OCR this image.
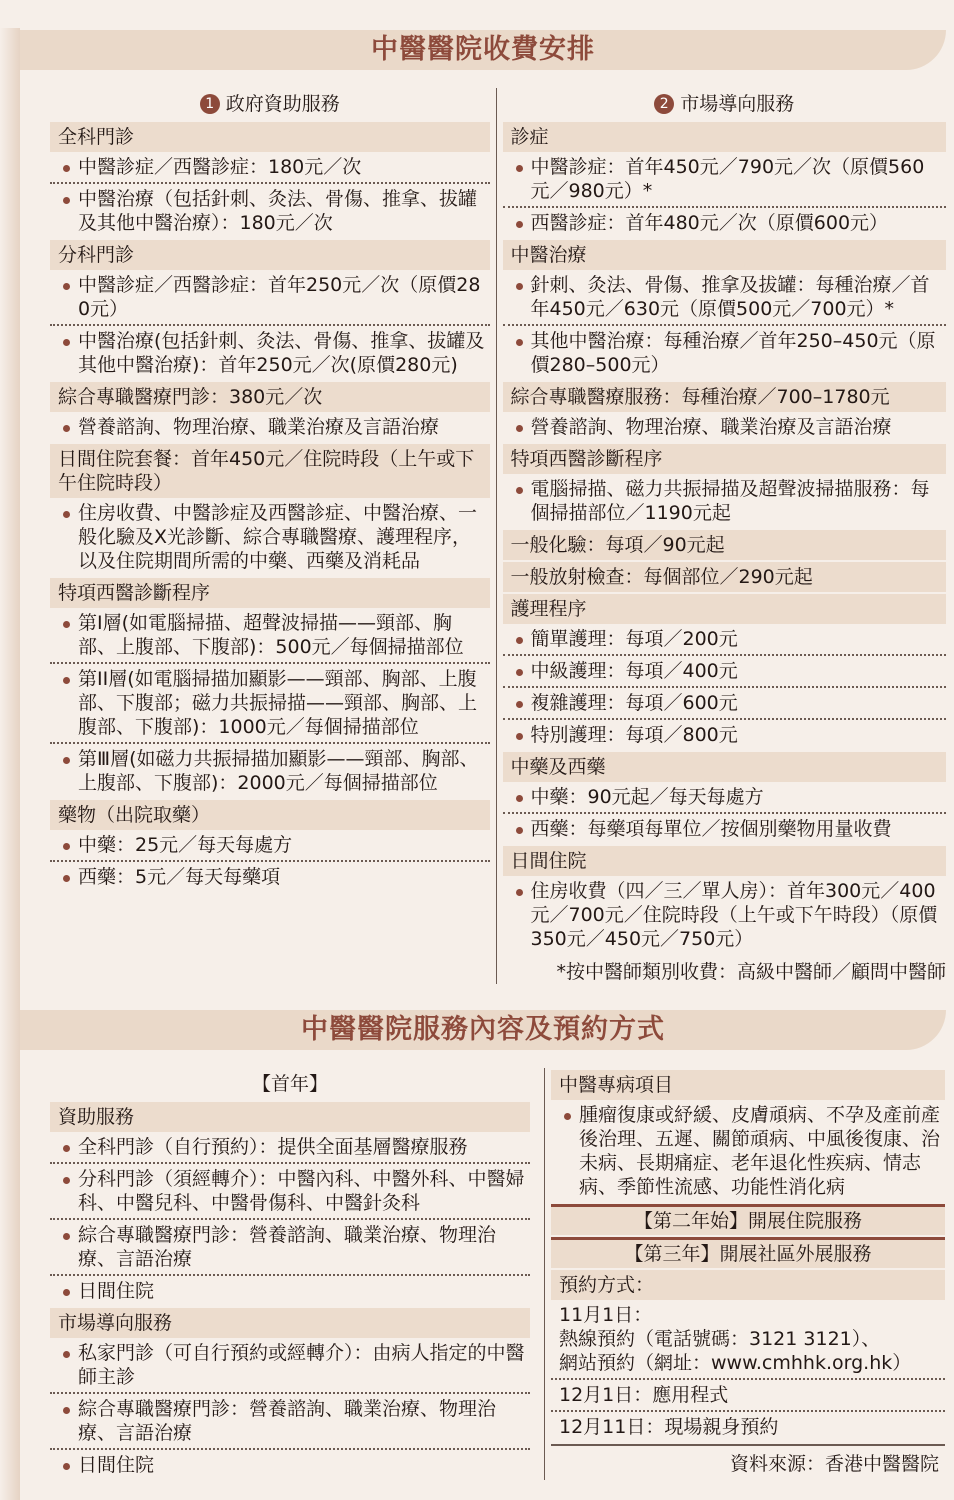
中醫醫院收費安排
1 政府資助服務
全科門診
中醫診症／西醫診症：180元／次
中醫治療（包括針刺、灸法、骨傷、推拿、拔罐及其他中醫治療）：180元／次
分科門診
中醫診症／西醫診症：首年250元／次（原價280元）
中醫治療(包括針刺、灸法、骨傷、推拿、拔罐及其他中醫治療)：首年250元／次(原價280元)
綜合專職醫療門診：380元／次
營養諮詢、物理治療、職業治療及言語治療
日間住院套餐：首年450元／住院時段（上午或下午住院時段）
住房收費、中醫診症及西醫診症、中醫治療、一般化驗及X光診斷、綜合專職醫療、護理程序，以及住院期間所需的中藥、西藥及消耗品
特項西醫診斷程序
第I層(如電腦掃描、超聲波掃描——頸部、胸部、上腹部、下腹部)：500元／每個掃描部位
第II層(如電腦掃描加顯影——頸部、胸部、上腹部、下腹部；磁力共振掃描——頸部、胸部、上腹部、下腹部)：1000元／每個掃描部位
第Ⅲ層(如磁力共振掃描加顯影——頸部、胸部、上腹部、下腹部)：2000元／每個掃描部位
藥物（出院取藥）
中藥：25元／每天每處方
西藥：5元／每天每藥項
2 市場導向服務
診症
中醫診症：首年450元／790元／次（原價560元／980元）*
西醫診症：首年480元／次（原價600元）
中醫治療
針刺、灸法、骨傷、推拿及拔罐：每種治療／首年450元／630元（原價500元／700元）*
其他中醫治療：每種治療／首年250–450元（原價280–500元）
綜合專職醫療服務：每種治療／700–1780元
營養諮詢、物理治療、職業治療及言語治療
特項西醫診斷程序
電腦掃描、磁力共振掃描及超聲波掃描服務：每個掃描部位／1190元起
一般化驗：每項／90元起
一般放射檢查：每個部位／290元起
護理程序
簡單護理：每項／200元
中級護理：每項／400元
複雜護理：每項／600元
特別護理：每項／800元
中藥及西藥
中藥：90元起／每天每處方
西藥：每藥項每單位／按個別藥物用量收費
日間住院
住房收費（四／三／單人房）：首年300元／400元／700元／住院時段（上午或下午時段）（原價350元／450元／750元）
*按中醫師類別收費：高級中醫師／顧問中醫師
中醫醫院服務內容及預約方式
【首年】
資助服務
全科門診（自行預約）：提供全面基層醫療服務
分科門診（須經轉介）：中醫內科、中醫外科、中醫婦科、中醫兒科、中醫骨傷科、中醫針灸科
綜合專職醫療門診：營養諮詢、職業治療、物理治療、言語治療
日間住院
市場導向服務
私家門診（可自行預約或經轉介）：由病人指定的中醫師主診
綜合專職醫療門診：營養諮詢、職業治療、物理治療、言語治療
日間住院
中醫專病項目
腫瘤復康或紓緩、皮膚頑病、不孕及產前產後治理、五遲、關節頑病、中風後復康、治未病、長期痛症、老年退化性疾病、情志病、季節性流感、功能性消化病
【第二年始】開展住院服務
【第三年】開展社區外展服務
預約方式：
11月1日：
熱線預約（電話號碼：3121 3121）、
網站預約（網址：www.cmhhk.org.hk）
12月1日：應用程式
12月11日：現場親身預約
資料來源：香港中醫醫院
